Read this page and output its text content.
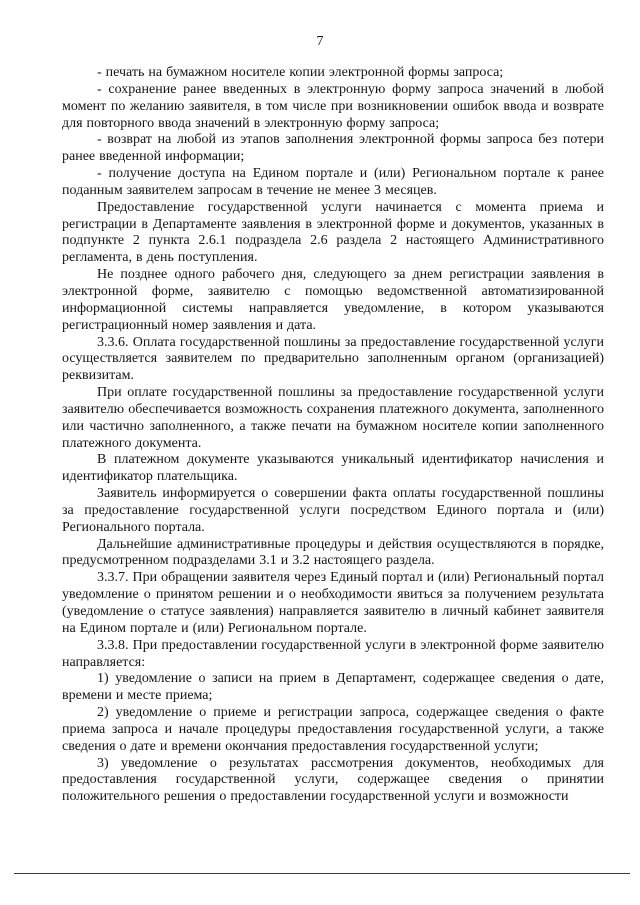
7

- печать на бумажном носителе копии электронной формы запроса;

- сохранение ранее введенных в электронную форму запроса значений в любой момент по желанию заявителя, в том числе при возникновении ошибок ввода и возврате для повторного ввода значений в электронную форму запроса;

- возврат на любой из этапов заполнения электронной формы запроса без потери ранее введенной информации;

- получение доступа на Едином портале и (или) Региональном портале к ранее поданным заявителем запросам в течение не менее 3 месяцев.

Предоставление государственной услуги начинается с момента приема и регистрации в Департаменте заявления в электронной форме и документов, указанных в подпункте 2 пункта 2.6.1 подраздела 2.6 раздела 2 настоящего Административного регламента, в день поступления.

Не позднее одного рабочего дня, следующего за днем регистрации заявления в электронной форме, заявителю с помощью ведомственной автоматизированной информационной системы направляется уведомление, в котором указываются регистрационный номер заявления и дата.

3.3.6. Оплата государственной пошлины за предоставление государственной услуги осуществляется заявителем по предварительно заполненным органом (организацией) реквизитам.

При оплате государственной пошлины за предоставление государственной услуги заявителю обеспечивается возможность сохранения платежного документа, заполненного или частично заполненного, а также печати на бумажном носителе копии заполненного платежного документа.

В платежном документе указываются уникальный идентификатор начисления и идентификатор плательщика.

Заявитель информируется о совершении факта оплаты государственной пошлины за предоставление государственной услуги посредством Единого портала и (или) Регионального портала.

Дальнейшие административные процедуры и действия осуществляются в порядке, предусмотренном подразделами 3.1 и 3.2 настоящего раздела.

3.3.7. При обращении заявителя через Единый портал и (или) Региональный портал уведомление о принятом решении и о необходимости явиться за получением результата (уведомление о статусе заявления) направляется заявителю в личный кабинет заявителя на Едином портале и (или) Региональном портале.

3.3.8. При предоставлении государственной услуги в электронной форме заявителю направляется:

1) уведомление о записи на прием в Департамент, содержащее сведения о дате, времени и месте приема;

2) уведомление о приеме и регистрации запроса, содержащее сведения о факте приема запроса и начале процедуры предоставления государственной услуги, а также сведения о дате и времени окончания предоставления государственной услуги;

3) уведомление о результатах рассмотрения документов, необходимых для предоставления государственной услуги, содержащее сведения о принятии положительного решения о предоставлении государственной услуги и возможности
